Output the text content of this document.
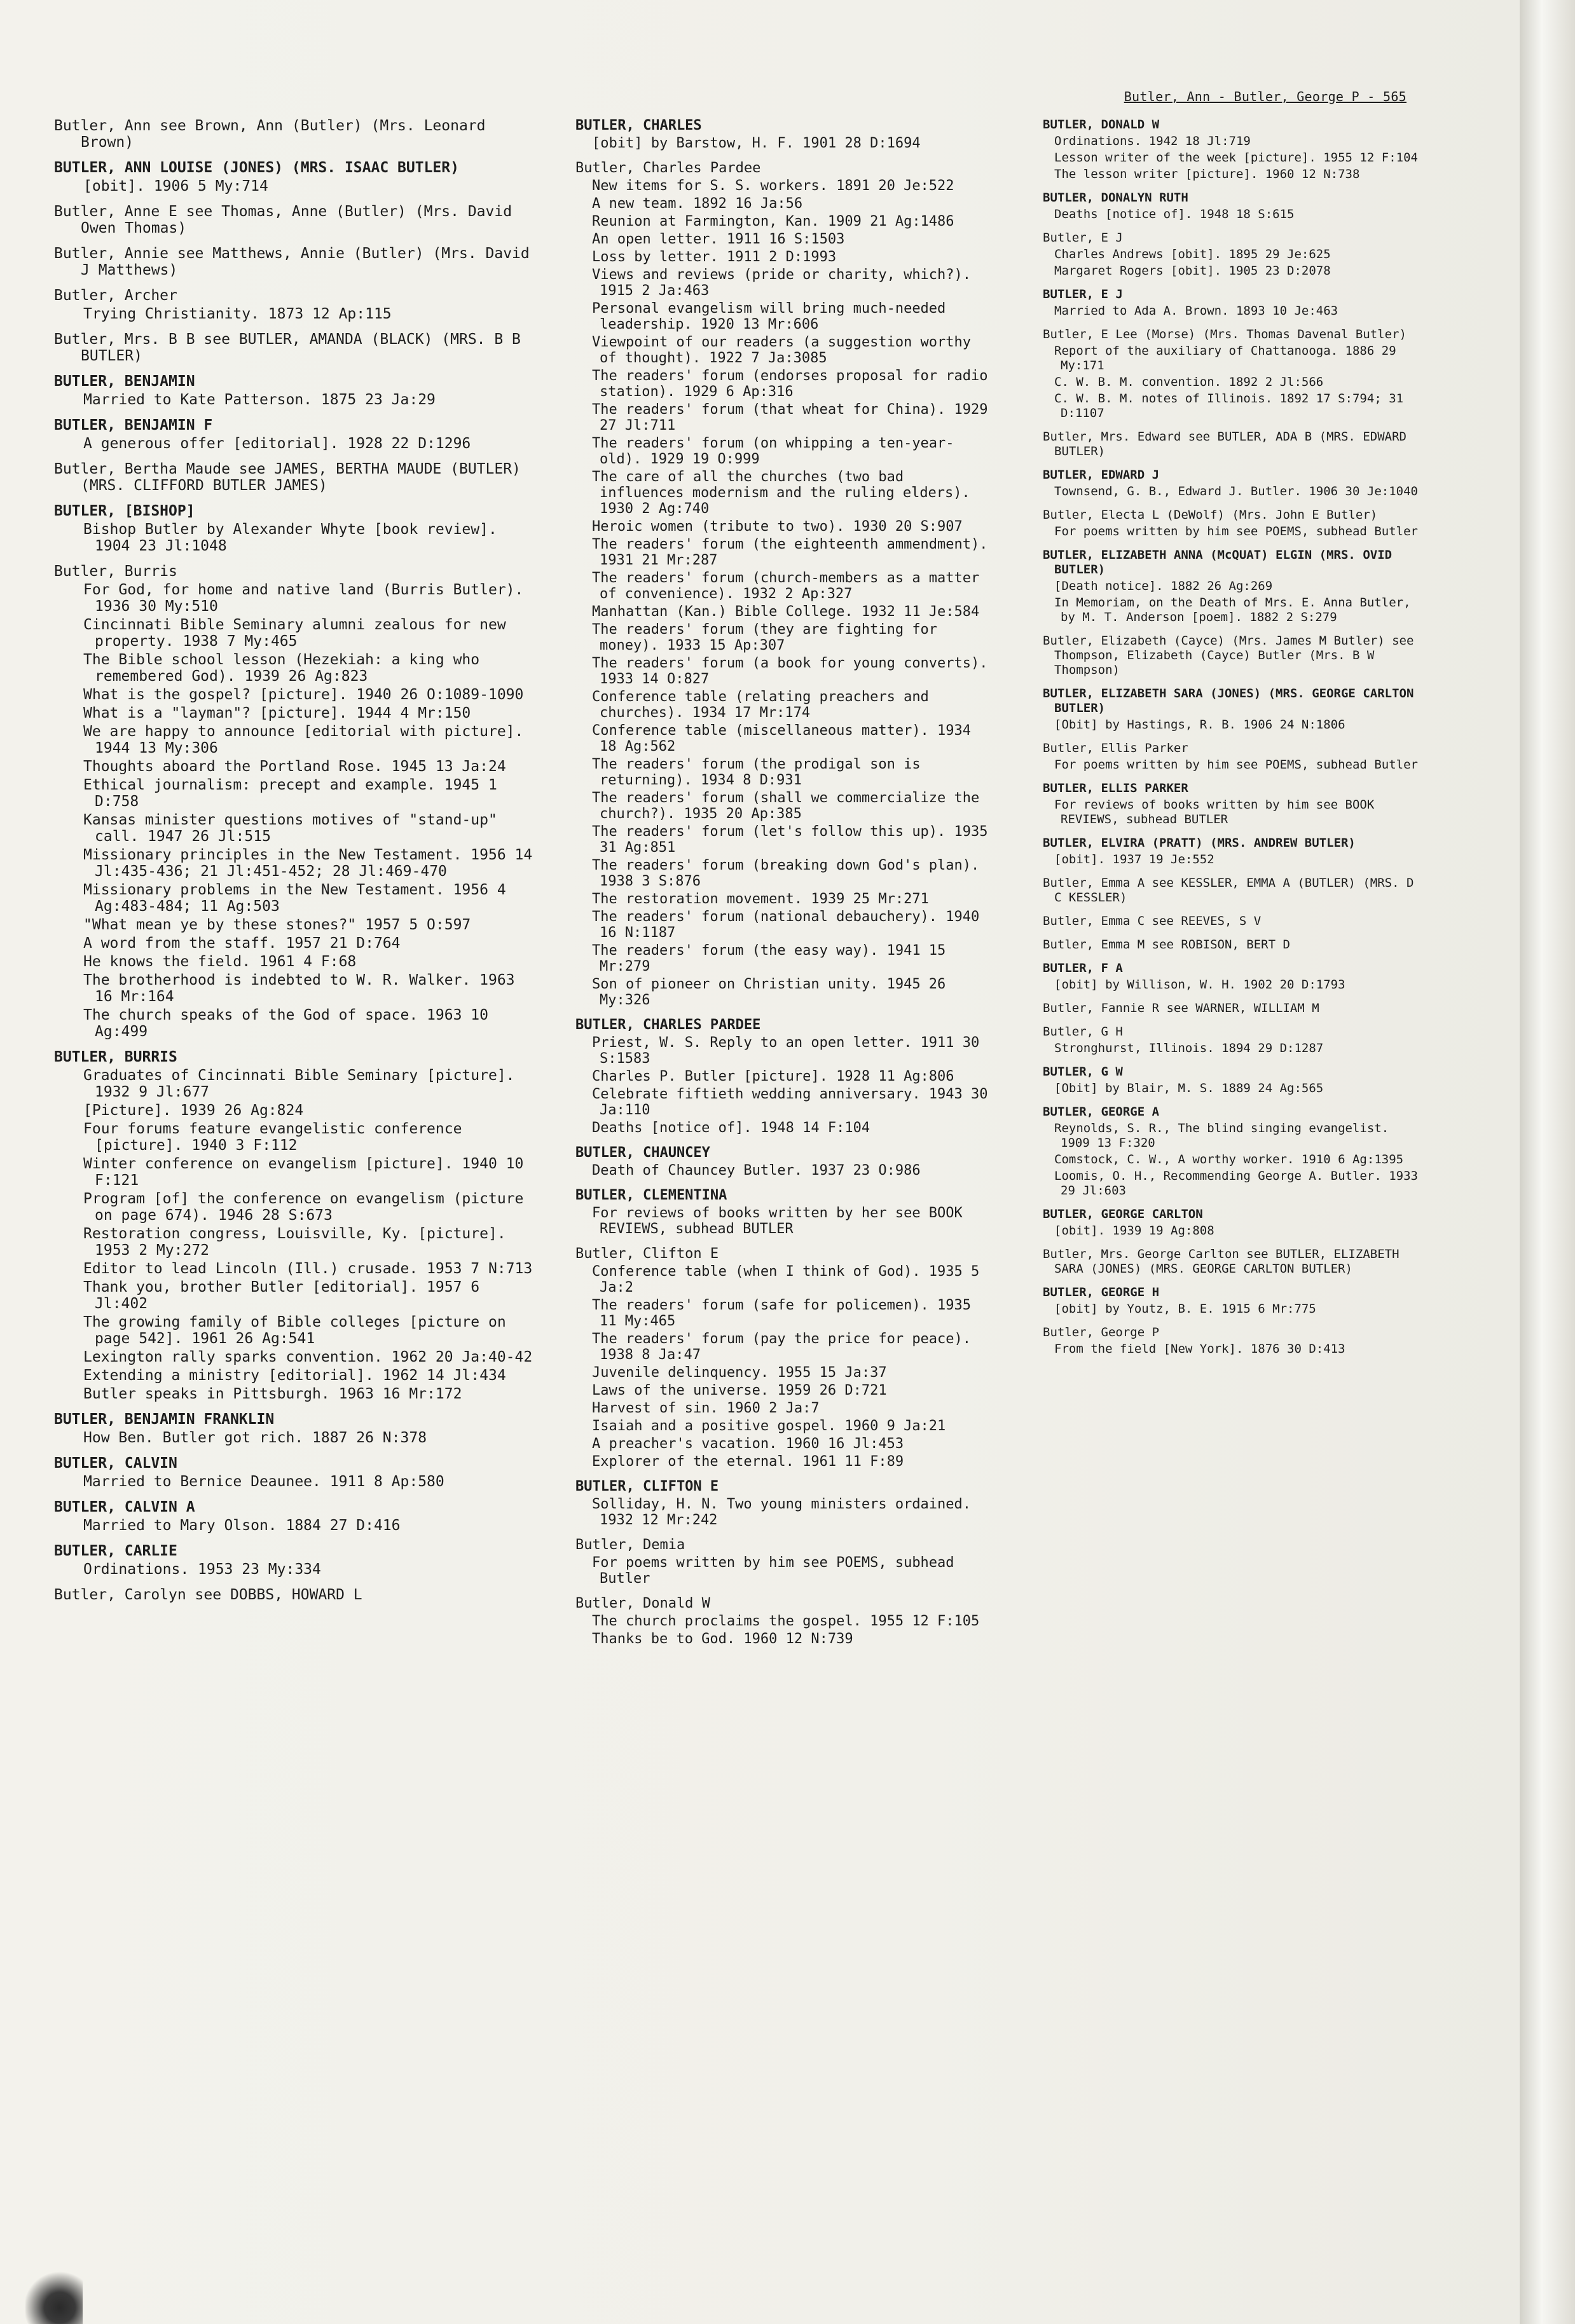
Butler, Ann - Butler, George P - 565
Butler, Ann see Brown, Ann (Butler) (Mrs. Leonard Brown)
BUTLER, ANN LOUISE (JONES) (MRS. ISAAC BUTLER)
[obit]. 1906 5 My:714
Butler, Anne E see Thomas, Anne (Butler) (Mrs. David Owen Thomas)
Butler, Annie see Matthews, Annie (Butler) (Mrs. David J Matthews)
Butler, Archer
Trying Christianity. 1873 12 Ap:115
Butler, Mrs. B B see BUTLER, AMANDA (BLACK) (MRS. B B BUTLER)
BUTLER, BENJAMIN
Married to Kate Patterson. 1875 23 Ja:29
BUTLER, BENJAMIN F
A generous offer [editorial]. 1928 22 D:1296
Butler, Bertha Maude see JAMES, BERTHA MAUDE (BUTLER) (MRS. CLIFFORD BUTLER JAMES)
BUTLER, [BISHOP]
Bishop Butler by Alexander Whyte [book review]. 1904 23 Jl:1048
Butler, Burris
For God, for home and native land (Burris Butler). 1936 30 My:510
Cincinnati Bible Seminary alumni zealous for new property. 1938 7 My:465
The Bible school lesson (Hezekiah: a king who remembered God). 1939 26 Ag:823
What is the gospel? [picture]. 1940 26 O:1089-1090
What is a "layman"? [picture]. 1944 4 Mr:150
We are happy to announce [editorial with picture]. 1944 13 My:306
Thoughts aboard the Portland Rose. 1945 13 Ja:24
Ethical journalism: precept and example. 1945 1 D:758
Kansas minister questions motives of "stand-up" call. 1947 26 Jl:515
Missionary principles in the New Testament. 1956 14 Jl:435-436; 21 Jl:451-452; 28 Jl:469-470
Missionary problems in the New Testament. 1956 4 Ag:483-484; 11 Ag:503
"What mean ye by these stones?" 1957 5 O:597
A word from the staff. 1957 21 D:764
He knows the field. 1961 4 F:68
The brotherhood is indebted to W. R. Walker. 1963 16 Mr:164
The church speaks of the God of space. 1963 10 Ag:499
BUTLER, BURRIS
Graduates of Cincinnati Bible Seminary [picture]. 1932 9 Jl:677
[Picture]. 1939 26 Ag:824
Four forums feature evangelistic conference [picture]. 1940 3 F:112
Winter conference on evangelism [picture]. 1940 10 F:121
Program [of] the conference on evangelism (picture on page 674). 1946 28 S:673
Restoration congress, Louisville, Ky. [picture]. 1953 2 My:272
Editor to lead Lincoln (Ill.) crusade. 1953 7 N:713
Thank you, brother Butler [editorial]. 1957 6 Jl:402
The growing family of Bible colleges [picture on page 542]. 1961 26 Ag:541
Lexington rally sparks convention. 1962 20 Ja:40-42
Extending a ministry [editorial]. 1962 14 Jl:434
Butler speaks in Pittsburgh. 1963 16 Mr:172
BUTLER, BENJAMIN FRANKLIN
How Ben. Butler got rich. 1887 26 N:378
BUTLER, CALVIN
Married to Bernice Deaunee. 1911 8 Ap:580
BUTLER, CALVIN A
Married to Mary Olson. 1884 27 D:416
BUTLER, CARLIE
Ordinations. 1953 23 My:334
Butler, Carolyn see DOBBS, HOWARD L
BUTLER, CHARLES
[obit] by Barstow, H. F. 1901 28 D:1694
Butler, Charles Pardee
New items for S. S. workers. 1891 20 Je:522
A new team. 1892 16 Ja:56
Reunion at Farmington, Kan. 1909 21 Ag:1486
An open letter. 1911 16 S:1503
Loss by letter. 1911 2 D:1993
Views and reviews (pride or charity, which?). 1915 2 Ja:463
Personal evangelism will bring much-needed leadership. 1920 13 Mr:606
Viewpoint of our readers (a suggestion worthy of thought). 1922 7 Ja:3085
The readers' forum (endorses proposal for radio station). 1929 6 Ap:316
The readers' forum (that wheat for China). 1929 27 Jl:711
The readers' forum (on whipping a ten-year-old). 1929 19 O:999
The care of all the churches (two bad influences modernism and the ruling elders). 1930 2 Ag:740
Heroic women (tribute to two). 1930 20 S:907
The readers' forum (the eighteenth ammendment). 1931 21 Mr:287
The readers' forum (church-members as a matter of convenience). 1932 2 Ap:327
Manhattan (Kan.) Bible College. 1932 11 Je:584
The readers' forum (they are fighting for money). 1933 15 Ap:307
The readers' forum (a book for young converts). 1933 14 O:827
Conference table (relating preachers and churches). 1934 17 Mr:174
Conference table (miscellaneous matter). 1934 18 Ag:562
The readers' forum (the prodigal son is returning). 1934 8 D:931
The readers' forum (shall we commercialize the church?). 1935 20 Ap:385
The readers' forum (let's follow this up). 1935 31 Ag:851
The readers' forum (breaking down God's plan). 1938 3 S:876
The restoration movement. 1939 25 Mr:271
The readers' forum (national debauchery). 1940 16 N:1187
The readers' forum (the easy way). 1941 15 Mr:279
Son of pioneer on Christian unity. 1945 26 My:326
BUTLER, CHARLES PARDEE
Priest, W. S. Reply to an open letter. 1911 30 S:1583
Charles P. Butler [picture]. 1928 11 Ag:806
Celebrate fiftieth wedding anniversary. 1943 30 Ja:110
Deaths [notice of]. 1948 14 F:104
BUTLER, CHAUNCEY
Death of Chauncey Butler. 1937 23 O:986
BUTLER, CLEMENTINA
For reviews of books written by her see BOOK REVIEWS, subhead BUTLER
Butler, Clifton E
Conference table (when I think of God). 1935 5 Ja:2
The readers' forum (safe for policemen). 1935 11 My:465
The readers' forum (pay the price for peace). 1938 8 Ja:47
Juvenile delinquency. 1955 15 Ja:37
Laws of the universe. 1959 26 D:721
Harvest of sin. 1960 2 Ja:7
Isaiah and a positive gospel. 1960 9 Ja:21
A preacher's vacation. 1960 16 Jl:453
Explorer of the eternal. 1961 11 F:89
BUTLER, CLIFTON E
Solliday, H. N. Two young ministers ordained. 1932 12 Mr:242
Butler, Demia
For poems written by him see POEMS, subhead Butler
Butler, Donald W
The church proclaims the gospel. 1955 12 F:105
Thanks be to God. 1960 12 N:739
BUTLER, DONALD W
Ordinations. 1942 18 Jl:719
Lesson writer of the week [picture]. 1955 12 F:104
The lesson writer [picture]. 1960 12 N:738
BUTLER, DONALYN RUTH
Deaths [notice of]. 1948 18 S:615
Butler, E J
Charles Andrews [obit]. 1895 29 Je:625
Margaret Rogers [obit]. 1905 23 D:2078
BUTLER, E J
Married to Ada A. Brown. 1893 10 Je:463
Butler, E Lee (Morse) (Mrs. Thomas Davenal Butler)
Report of the auxiliary of Chattanooga. 1886 29 My:171
C. W. B. M. convention. 1892 2 Jl:566
C. W. B. M. notes of Illinois. 1892 17 S:794; 31 D:1107
Butler, Mrs. Edward see BUTLER, ADA B (MRS. EDWARD BUTLER)
BUTLER, EDWARD J
Townsend, G. B., Edward J. Butler. 1906 30 Je:1040
Butler, Electa L (DeWolf) (Mrs. John E Butler)
For poems written by him see POEMS, subhead Butler
BUTLER, ELIZABETH ANNA (McQUAT) ELGIN (MRS. OVID BUTLER)
[Death notice]. 1882 26 Ag:269
In Memoriam, on the Death of Mrs. E. Anna Butler, by M. T. Anderson [poem]. 1882 2 S:279
Butler, Elizabeth (Cayce) (Mrs. James M Butler) see Thompson, Elizabeth (Cayce) Butler (Mrs. B W Thompson)
BUTLER, ELIZABETH SARA (JONES) (MRS. GEORGE CARLTON BUTLER)
[Obit] by Hastings, R. B. 1906 24 N:1806
Butler, Ellis Parker
For poems written by him see POEMS, subhead Butler
BUTLER, ELLIS PARKER
For reviews of books written by him see BOOK REVIEWS, subhead BUTLER
BUTLER, ELVIRA (PRATT) (MRS. ANDREW BUTLER)
[obit]. 1937 19 Je:552
Butler, Emma A see KESSLER, EMMA A (BUTLER) (MRS. D C KESSLER)
Butler, Emma C see REEVES, S V
Butler, Emma M see ROBISON, BERT D
BUTLER, F A
[obit] by Willison, W. H. 1902 20 D:1793
Butler, Fannie R see WARNER, WILLIAM M
Butler, G H
Stronghurst, Illinois. 1894 29 D:1287
BUTLER, G W
[Obit] by Blair, M. S. 1889 24 Ag:565
BUTLER, GEORGE A
Reynolds, S. R., The blind singing evangelist. 1909 13 F:320
Comstock, C. W., A worthy worker. 1910 6 Ag:1395
Loomis, O. H., Recommending George A. Butler. 1933 29 Jl:603
BUTLER, GEORGE CARLTON
[obit]. 1939 19 Ag:808
Butler, Mrs. George Carlton see BUTLER, ELIZABETH SARA (JONES) (MRS. GEORGE CARLTON BUTLER)
BUTLER, GEORGE H
[obit] by Youtz, B. E. 1915 6 Mr:775
Butler, George P
From the field [New York]. 1876 30 D:413
